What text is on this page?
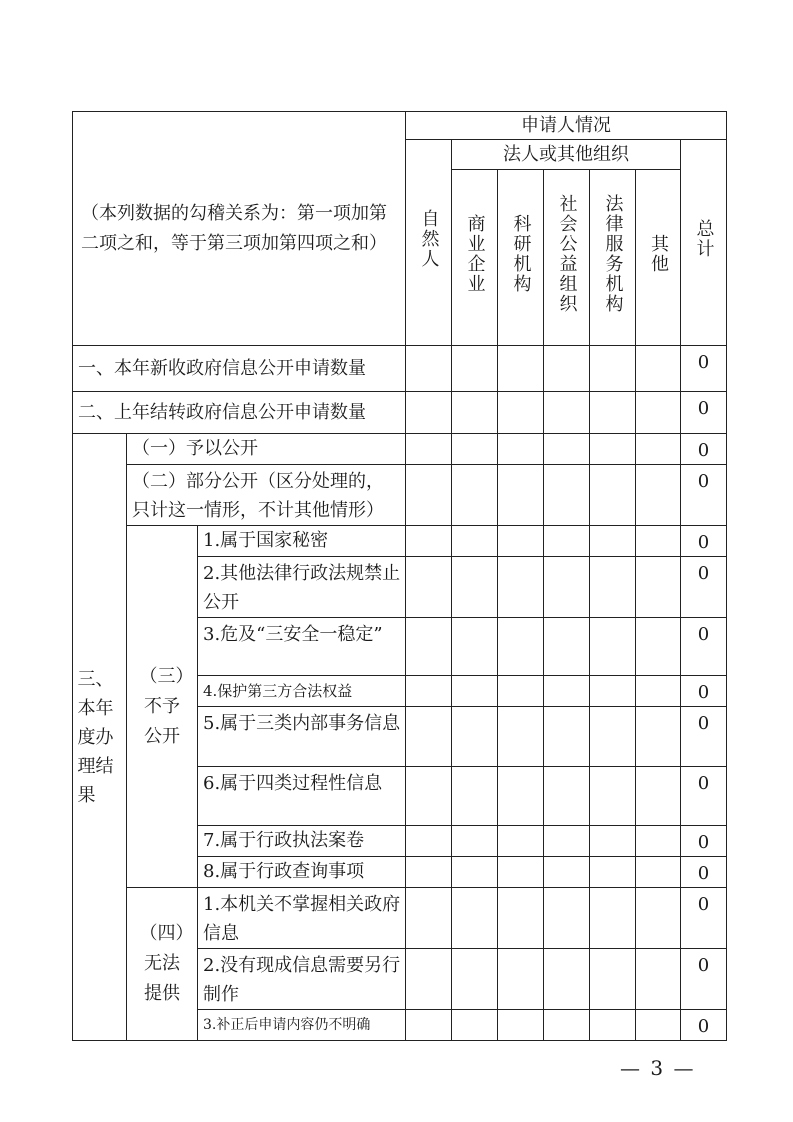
（本列数据的勾稽关系为：第一项加第二项之和，等于第三项加第四项之和）			申请人情况						
			自然人	法人或其他组织					总计
				商业企业	科研机构	社会公益组织	法律服务机构	其他	
一、本年新收政府信息公开申请数量									0
二、上年结转政府信息公开申请数量									0

三、本年度办理结果	（一）予以公开								0
	（二）部分公开（区分处理的，只计这一情形，不计其他情形）								0

	（三）不予公开	1.属于国家秘密							0
		2.其他法律行政法规禁止公开							0
		3.危及“三安全一稳定”							0
		4.保护第三方合法权益							0
		5.属于三类内部事务信息							0
		6.属于四类过程性信息							0
		7.属于行政执法案卷							0
		8.属于行政查询事项							0

	（四）无法提供	1.本机关不掌握相关政府信息							0
		2.没有现成信息需要另行制作							0
		3.补正后申请内容仍不明确							0
— 3 —
